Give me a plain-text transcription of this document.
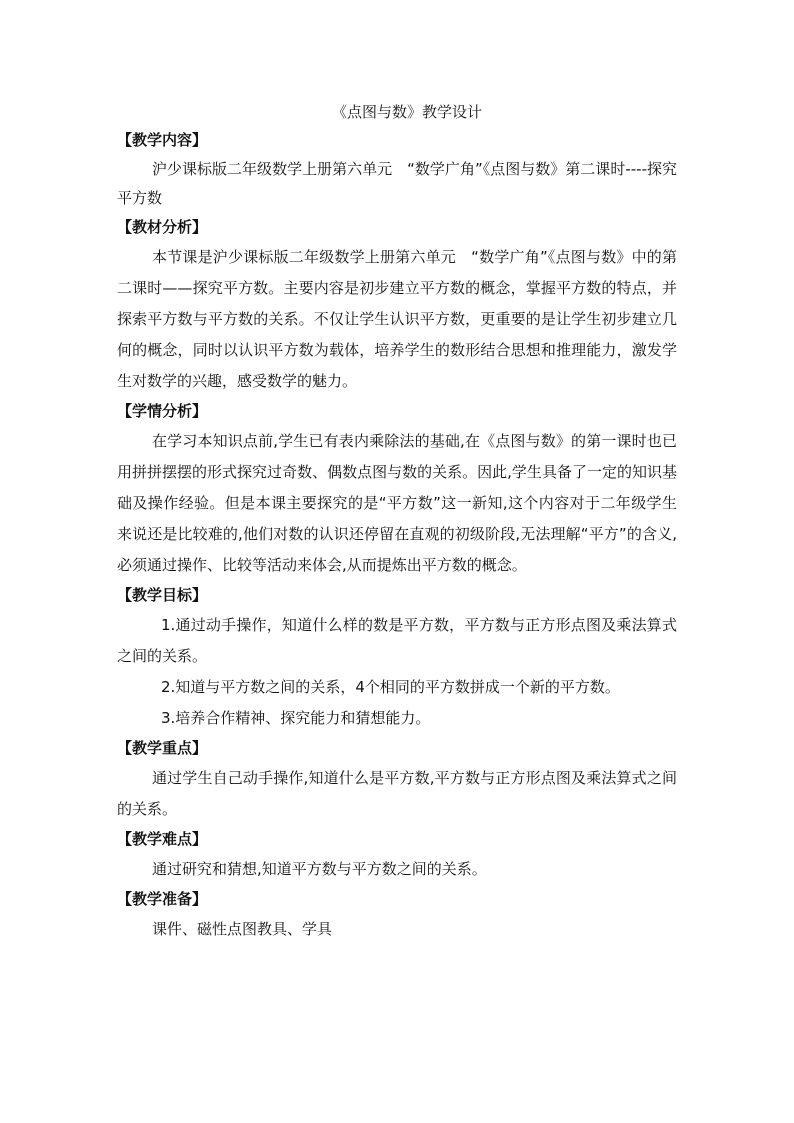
《点图与数》教学设计

【教学内容】

沪少课标版二年级数学上册第六单元　“数学广角”《点图与数》第二课时----探究平方数

【教材分析】

本节课是沪少课标版二年级数学上册第六单元　“数学广角”《点图与数》中的第二课时——探究平方数。主要内容是初步建立平方数的概念，掌握平方数的特点，并探索平方数与平方数的关系。不仅让学生认识平方数，更重要的是让学生初步建立几何的概念，同时以认识平方数为载体，培养学生的数形结合思想和推理能力，激发学生对数学的兴趣，感受数学的魅力。

【学情分析】

在学习本知识点前,学生已有表内乘除法的基础,在《点图与数》的第一课时也已用拼拼摆摆的形式探究过奇数、偶数点图与数的关系。因此,学生具备了一定的知识基础及操作经验。但是本课主要探究的是“平方数”这一新知,这个内容对于二年级学生来说还是比较难的,他们对数的认识还停留在直观的初级阶段,无法理解“平方”的含义,必须通过操作、比较等活动来体会,从而提炼出平方数的概念。

【教学目标】

1.通过动手操作，知道什么样的数是平方数，平方数与正方形点图及乘法算式之间的关系。

2.知道与平方数之间的关系，4个相同的平方数拼成一个新的平方数。

3.培养合作精神、探究能力和猜想能力。

【教学重点】

通过学生自己动手操作,知道什么是平方数,平方数与正方形点图及乘法算式之间的关系。

【教学难点】

通过研究和猜想,知道平方数与平方数之间的关系。

【教学准备】

课件、磁性点图教具、学具
